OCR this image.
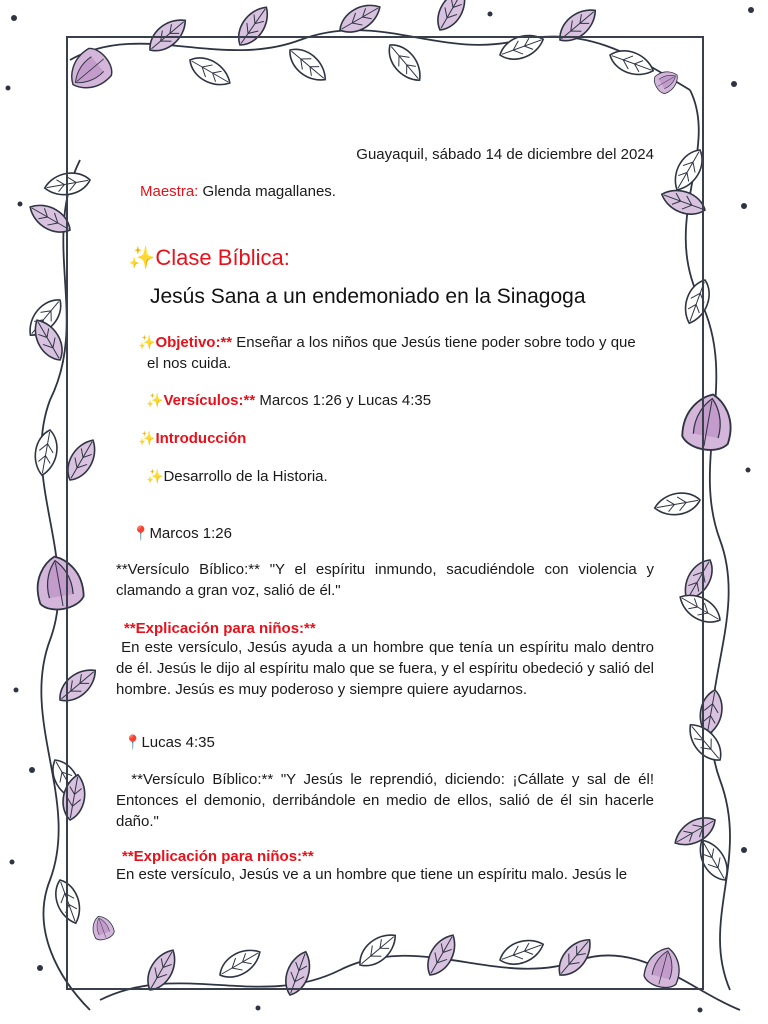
Guayaquil, sábado 14 de diciembre del 2024
Maestra: Glenda magallanes.
✨Clase Bíblica:
Jesús Sana a un endemoniado en la Sinagoga
✨Objetivo:** Enseñar a los niños que Jesús tiene poder sobre todo y que
el nos cuida.
✨Versículos:** Marcos 1:26 y Lucas 4:35
✨Introducción
✨Desarrollo de la Historia.
📍Marcos 1:26
**Versículo Bíblico:** "Y el espíritu inmundo, sacudiéndole con violencia y clamando a gran voz, salió de él."
**Explicación para niños:**
En este versículo, Jesús ayuda a un hombre que tenía un espíritu malo dentro de él. Jesús le dijo al espíritu malo que se fuera, y el espíritu obedeció y salió del hombre. Jesús es muy poderoso y siempre quiere ayudarnos.
📍Lucas 4:35
**Versículo Bíblico:** "Y Jesús le reprendió, diciendo: ¡Cállate y sal de él! Entonces el demonio, derribándole en medio de ellos, salió de él sin hacerle daño."
**Explicación para niños:**
En este versículo, Jesús ve a un hombre que tiene un espíritu malo. Jesús le
